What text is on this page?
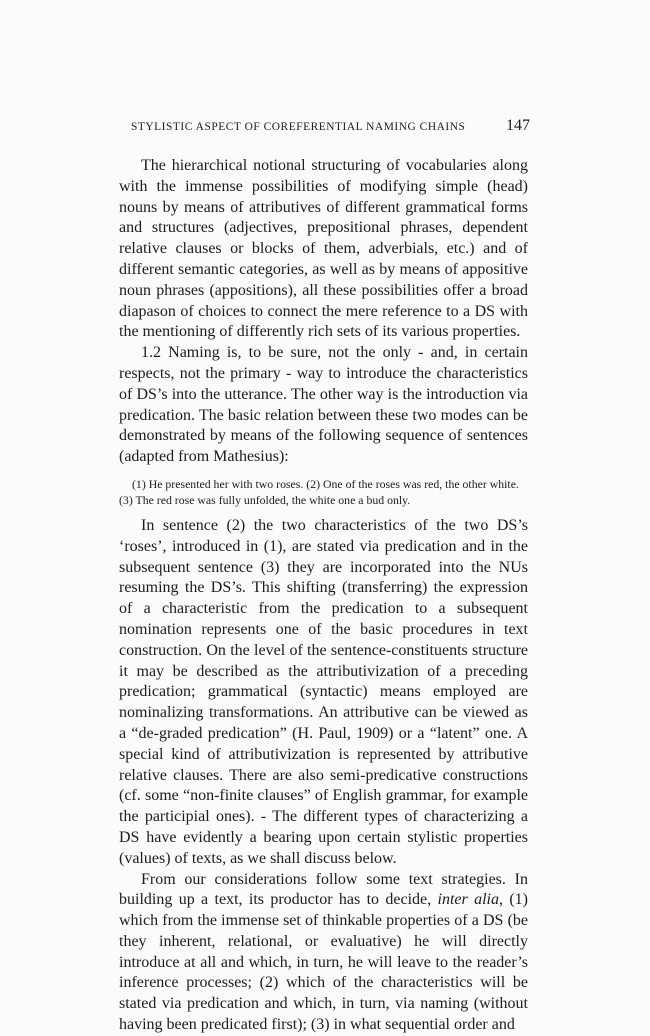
STYLISTIC ASPECT OF COREFERENTIAL NAMING CHAINS	147

The hierarchical notional structuring of vocabularies along with the immense possibilities of modifying simple (head) nouns by means of attributives of different grammatical forms and structures (adjectives, prepositional phrases, dependent relative clauses or blocks of them, adverbials, etc.) and of different semantic categories, as well as by means of appositive noun phrases (appositions), all these possibilities offer a broad diapason of choices to connect the mere reference to a DS with the mentioning of differently rich sets of its various properties.

1.2 Naming is, to be sure, not the only - and, in certain respects, not the primary - way to introduce the characteristics of DS’s into the utterance. The other way is the introduction via predication. The basic relation between these two modes can be demonstrated by means of the following sequence of sentences (adapted from Mathesius):

(1) He presented her with two roses. (2) One of the roses was red, the other white.
(3) The red rose was fully unfolded, the white one a bud only.

In sentence (2) the two characteristics of the two DS’s ‘roses’, introduced in (1), are stated via predication and in the subsequent sentence (3) they are incorporated into the NUs resuming the DS’s. This shifting (transferring) the expression of a characteristic from the predication to a subsequent nomination represents one of the basic procedures in text construction. On the level of the sentence-constituents structure it may be described as the attributivization of a preceding predication; grammatical (syntactic) means employed are nominalizing transformations. An attributive can be viewed as a “de-graded predication” (H. Paul, 1909) or a “latent” one. A special kind of attributivization is represented by attributive relative clauses. There are also semi-predicative constructions (cf. some “non-finite clauses” of English grammar, for example the participial ones). - The different types of characterizing a DS have evidently a bearing upon certain stylistic properties (values) of texts, as we shall discuss below.

From our considerations follow some text strategies. In building up a text, its productor has to decide, inter alia, (1) which from the immense set of thinkable properties of a DS (be they inherent, relational, or evaluative) he will directly introduce at all and which, in turn, he will leave to the reader’s inference processes; (2) which of the characteristics will be stated via predication and which, in turn, via naming (without having been predicated first); (3) in what sequential order and
